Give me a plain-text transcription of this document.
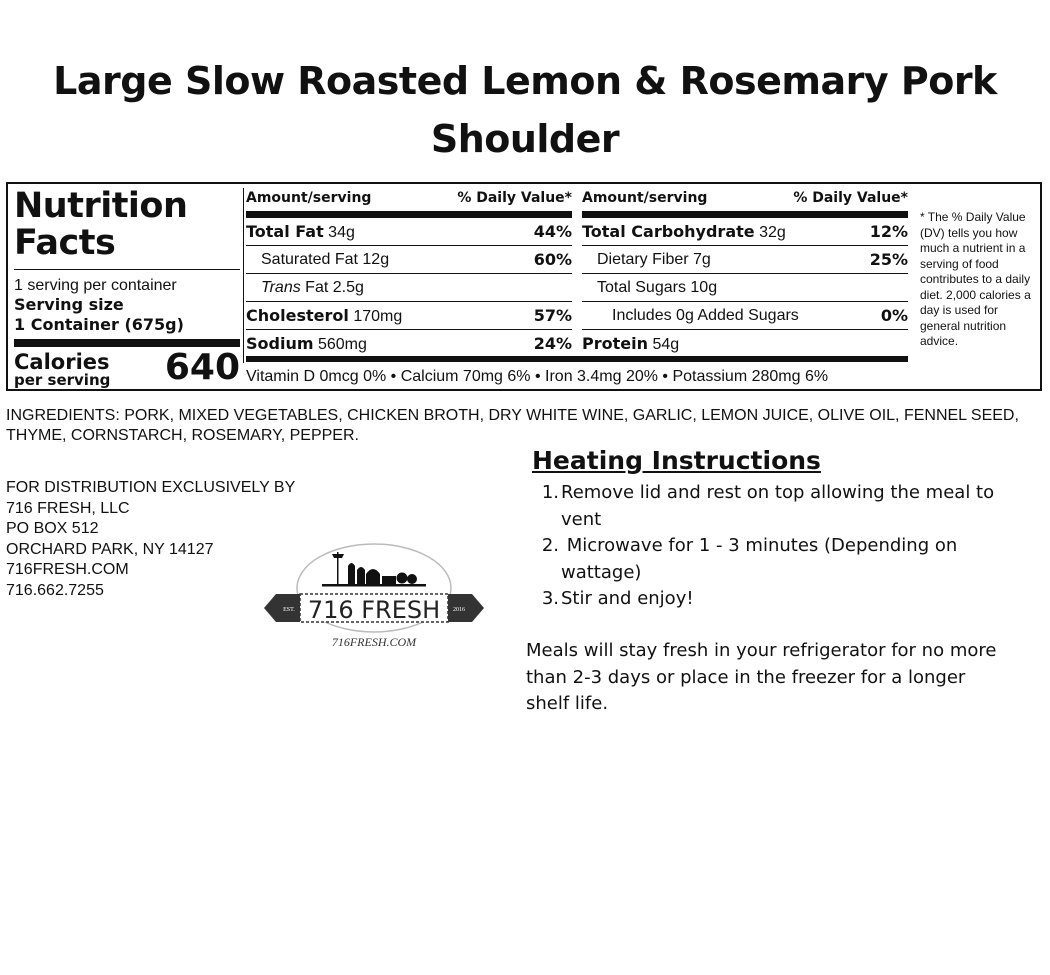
Large Slow Roasted Lemon & Rosemary Pork Shoulder
Nutrition
Facts
1 serving per container
Serving size
1 Container (675g)
Calories
per serving 640
Amount/serving	% Daily Value*
Total Fat 34g	44%
Saturated Fat 12g	60%
Trans Fat 2.5g
Cholesterol 170mg	57%
Sodium 560mg	24%
Amount/serving	% Daily Value*
Total Carbohydrate 32g	12%
Dietary Fiber 7g	25%
Total Sugars 10g
Includes 0g Added Sugars	0%
Protein 54g
Vitamin D 0mcg 0% • Calcium 70mg 6% • Iron 3.4mg 20% • Potassium 280mg 6%
* The % Daily Value (DV) tells you how much a nutrient in a serving of food contributes to a daily diet. 2,000 calories a day is used for general nutrition advice.
INGREDIENTS: PORK, MIXED VEGETABLES, CHICKEN BROTH, DRY WHITE WINE, GARLIC, LEMON JUICE, OLIVE OIL, FENNEL SEED, THYME, CORNSTARCH, ROSEMARY, PEPPER.
FOR DISTRIBUTION EXCLUSIVELY BY
716 FRESH, LLC
PO BOX 512
ORCHARD PARK, NY 14127
716FRESH.COM
716.662.7255
EST.	2016
716 FRESH
716FRESH.COM
Heating Instructions
1. Remove lid and rest on top allowing the meal to vent
2. Microwave for 1 - 3 minutes (Depending on wattage)
3. Stir and enjoy!
Meals will stay fresh in your refrigerator for no more than 2-3 days or place in the freezer for a longer shelf life.
